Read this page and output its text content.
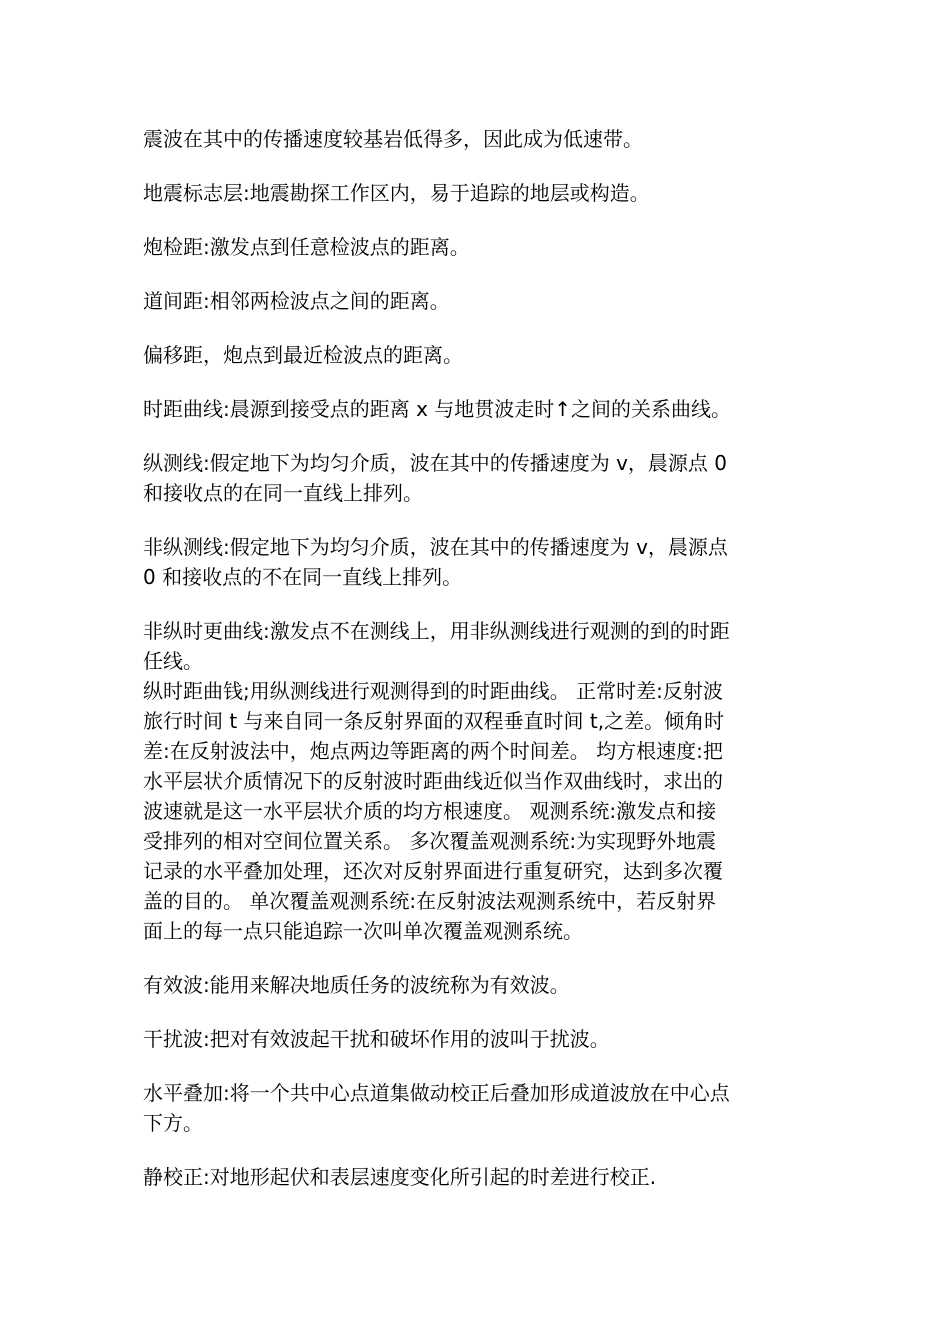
震波在其中的传播速度较基岩低得多，因此成为低速带。

地震标志层:地震勘探工作区内，易于追踪的地层或构造。

炮检距:激发点到任意检波点的距离。

道间距:相邻两检波点之间的距离。

偏移距，炮点到最近检波点的距离。

时距曲线:晨源到接受点的距离 x 与地贯波走时↑之间的关系曲线。

纵测线:假定地下为均匀介质，波在其中的传播速度为 v，晨源点 0
和接收点的在同一直线上排列。

非纵测线:假定地下为均匀介质，波在其中的传播速度为 v，晨源点
0 和接收点的不在同一直线上排列。

非纵时更曲线:激发点不在测线上，用非纵测线进行观测的到的时距
任线。

纵时距曲钱;用纵测线进行观测得到的时距曲线。 正常时差:反射波
旅行时间 t 与来自同一条反射界面的双程垂直时间 t,之差。倾角时
差:在反射波法中，炮点两边等距离的两个时间差。 均方根速度:把
水平层状介质情况下的反射波时距曲线近似当作双曲线时，求出的
波速就是这一水平层状介质的均方根速度。 观测系统:激发点和接
受排列的相对空间位置关系。 多次覆盖观测系统:为实现野外地震
记录的水平叠加处理，还次对反射界面进行重复研究，达到多次覆
盖的目的。 单次覆盖观测系统:在反射波法观测系统中，若反射界
面上的每一点只能追踪一次叫单次覆盖观测系统。

有效波:能用来解决地质任务的波统称为有效波。

干扰波:把对有效波起干扰和破坏作用的波叫于扰波。

水平叠加:将一个共中心点道集做动校正后叠加形成道波放在中心点
下方。

静校正:对地形起伏和表层速度变化所引起的时差进行校正.
